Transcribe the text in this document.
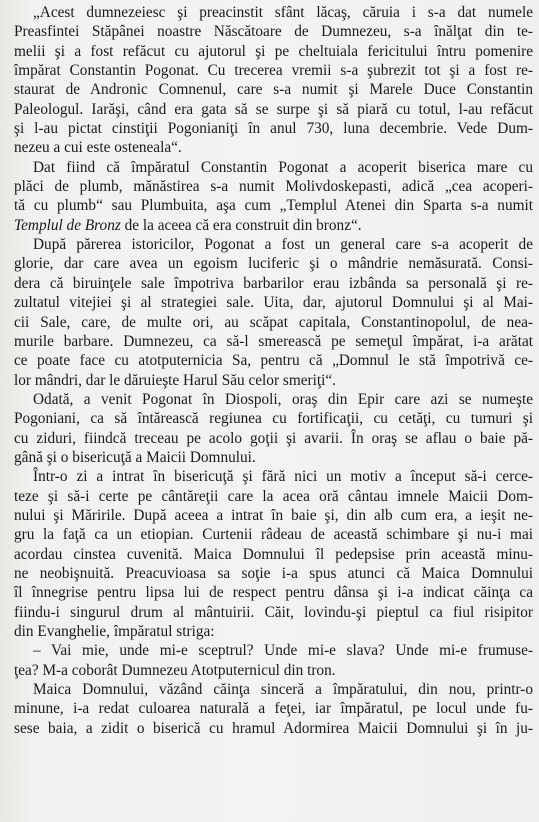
„Acest dumnezeiesc şi preacinstit sfânt lăcaş, căruia i s-a dat numele
Preasfintei Stăpânei noastre Născătoare de Dumnezeu, s-a înălţat din te-
melii şi a fost refăcut cu ajutorul şi pe cheltuiala fericitului întru pomenire
împărat Constantin Pogonat. Cu trecerea vremii s-a şubrezit tot şi a fost re-
staurat de Andronic Comnenul, care s-a numit şi Marele Duce Constantin
Paleologul. Iarăşi, când era gata să se surpe şi să piară cu totul, l-au refăcut
şi l-au pictat cinstiţii Pogonianiţi în anul 730, luna decembrie. Vede Dum-
nezeu a cui este osteneala“.
Dat fiind că împăratul Constantin Pogonat a acoperit biserica mare cu
plăci de plumb, mănăstirea s-a numit Molivdoskepasti, adică „cea acoperi-
tă cu plumb“ sau Plumbuita, aşa cum „Templul Atenei din Sparta s-a numit
Templul de Bronz de la aceea că era construit din bronz“.
După părerea istoricilor, Pogonat a fost un general care s-a acoperit de
glorie, dar care avea un egoism luciferic şi o mândrie nemăsurată. Consi-
dera că biruinţele sale împotriva barbarilor erau izbânda sa personală şi re-
zultatul vitejiei şi al strategiei sale. Uita, dar, ajutorul Domnului şi al Mai-
cii Sale, care, de multe ori, au scăpat capitala, Constantinopolul, de nea-
murile barbare. Dumnezeu, ca să-l smerească pe semeţul împărat, i-a arătat
ce poate face cu atotputernicia Sa, pentru că „Domnul le stă împotrivă ce-
lor mândri, dar le dăruieşte Harul Său celor smeriţi“.
Odată, a venit Pogonat în Diospoli, oraş din Epir care azi se numeşte
Pogoniani, ca să întărească regiunea cu fortificaţii, cu cetăţi, cu turnuri şi
cu ziduri, fiindcă treceau pe acolo goţii şi avarii. În oraş se aflau o baie pă-
gână şi o bisericuţă a Maicii Domnului.
Într-o zi a intrat în bisericuţă şi fără nici un motiv a început să-i cerce-
teze şi să-i certe pe cântăreţii care la acea oră cântau imnele Maicii Dom-
nului şi Măririle. După aceea a intrat în baie şi, din alb cum era, a ieşit ne-
gru la faţă ca un etiopian. Curtenii râdeau de această schimbare şi nu-i mai
acordau cinstea cuvenită. Maica Domnului îl pedepsise prin această minu-
ne neobişnuită. Preacuvioasa sa soţie i-a spus atunci că Maica Domnului
îl înnegrise pentru lipsa lui de respect pentru dânsa şi i-a indicat căinţa ca
fiindu-i singurul drum al mântuirii. Căit, lovindu-şi pieptul ca fiul risipitor
din Evanghelie, împăratul striga:
– Vai mie, unde mi-e sceptrul? Unde mi-e slava? Unde mi-e frumuse-
ţea? M-a coborât Dumnezeu Atotputernicul din tron.
Maica Domnului, văzând căinţa sinceră a împăratului, din nou, printr-o
minune, i-a redat culoarea naturală a feţei, iar împăratul, pe locul unde fu-
sese baia, a zidit o biserică cu hramul Adormirea Maicii Domnului şi în ju-
